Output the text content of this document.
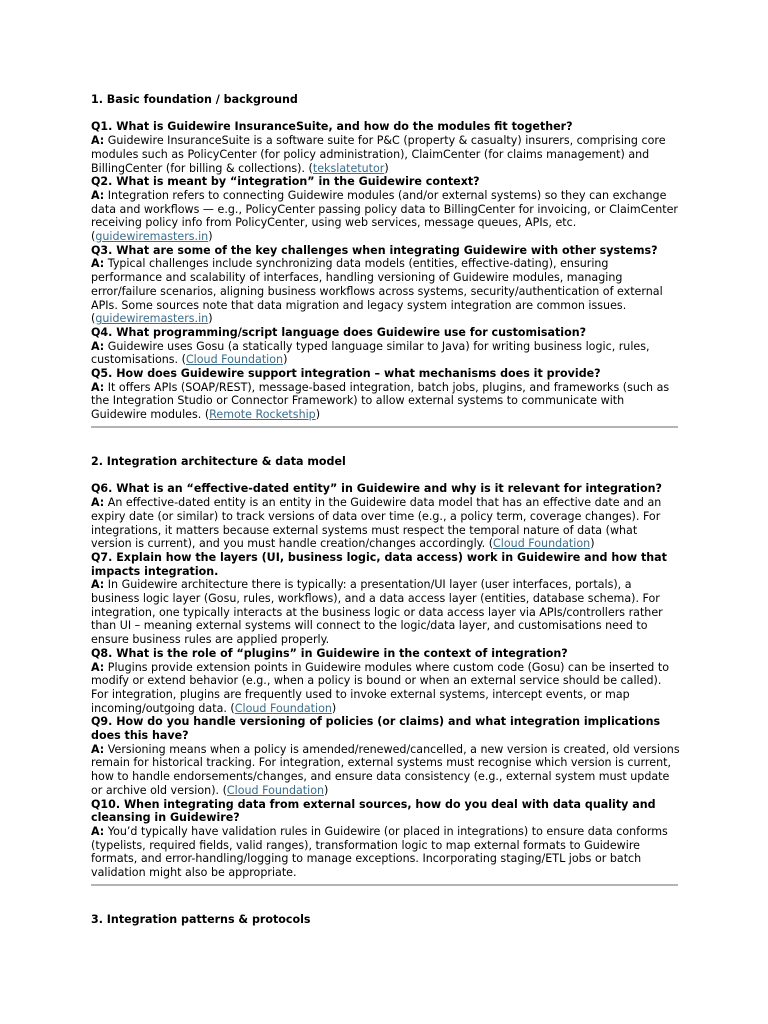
1. Basic foundation / background

Q1. What is Guidewire InsuranceSuite, and how do the modules fit together?

A: Guidewire InsuranceSuite is a software suite for P&C (property & casualty) insurers, comprising core modules such as PolicyCenter (for policy administration), ClaimCenter (for claims management) and BillingCenter (for billing & collections). (tekslatetutor)

Q2. What is meant by “integration” in the Guidewire context?

A: Integration refers to connecting Guidewire modules (and/or external systems) so they can exchange data and workflows — e.g., PolicyCenter passing policy data to BillingCenter for invoicing, or ClaimCenter receiving policy info from PolicyCenter, using web services, message queues, APIs, etc. (guidewiremasters.in)

Q3. What are some of the key challenges when integrating Guidewire with other systems?

A: Typical challenges include synchronizing data models (entities, effective-dating), ensuring performance and scalability of interfaces, handling versioning of Guidewire modules, managing error/failure scenarios, aligning business workflows across systems, security/authentication of external APIs. Some sources note that data migration and legacy system integration are common issues. (guidewiremasters.in)

Q4. What programming/script language does Guidewire use for customisation?

A: Guidewire uses Gosu (a statically typed language similar to Java) for writing business logic, rules, customisations. (Cloud Foundation)

Q5. How does Guidewire support integration – what mechanisms does it provide?

A: It offers APIs (SOAP/REST), message-based integration, batch jobs, plugins, and frameworks (such as the Integration Studio or Connector Framework) to allow external systems to communicate with Guidewire modules. (Remote Rocketship)

2. Integration architecture & data model

Q6. What is an “effective-dated entity” in Guidewire and why is it relevant for integration?

A: An effective-dated entity is an entity in the Guidewire data model that has an effective date and an expiry date (or similar) to track versions of data over time (e.g., a policy term, coverage changes). For integrations, it matters because external systems must respect the temporal nature of data (what version is current), and you must handle creation/changes accordingly. (Cloud Foundation)

Q7. Explain how the layers (UI, business logic, data access) work in Guidewire and how that impacts integration.

A: In Guidewire architecture there is typically: a presentation/UI layer (user interfaces, portals), a business logic layer (Gosu, rules, workflows), and a data access layer (entities, database schema). For integration, one typically interacts at the business logic or data access layer via APIs/controllers rather than UI – meaning external systems will connect to the logic/data layer, and customisations need to ensure business rules are applied properly.

Q8. What is the role of “plugins” in Guidewire in the context of integration?

A: Plugins provide extension points in Guidewire modules where custom code (Gosu) can be inserted to modify or extend behavior (e.g., when a policy is bound or when an external service should be called). For integration, plugins are frequently used to invoke external systems, intercept events, or map incoming/outgoing data. (Cloud Foundation)

Q9. How do you handle versioning of policies (or claims) and what integration implications does this have?

A: Versioning means when a policy is amended/renewed/cancelled, a new version is created, old versions remain for historical tracking. For integration, external systems must recognise which version is current, how to handle endorsements/changes, and ensure data consistency (e.g., external system must update or archive old version). (Cloud Foundation)

Q10. When integrating data from external sources, how do you deal with data quality and cleansing in Guidewire?

A: You’d typically have validation rules in Guidewire (or placed in integrations) to ensure data conforms (typelists, required fields, valid ranges), transformation logic to map external formats to Guidewire formats, and error-handling/logging to manage exceptions. Incorporating staging/ETL jobs or batch validation might also be appropriate.

3. Integration patterns & protocols
